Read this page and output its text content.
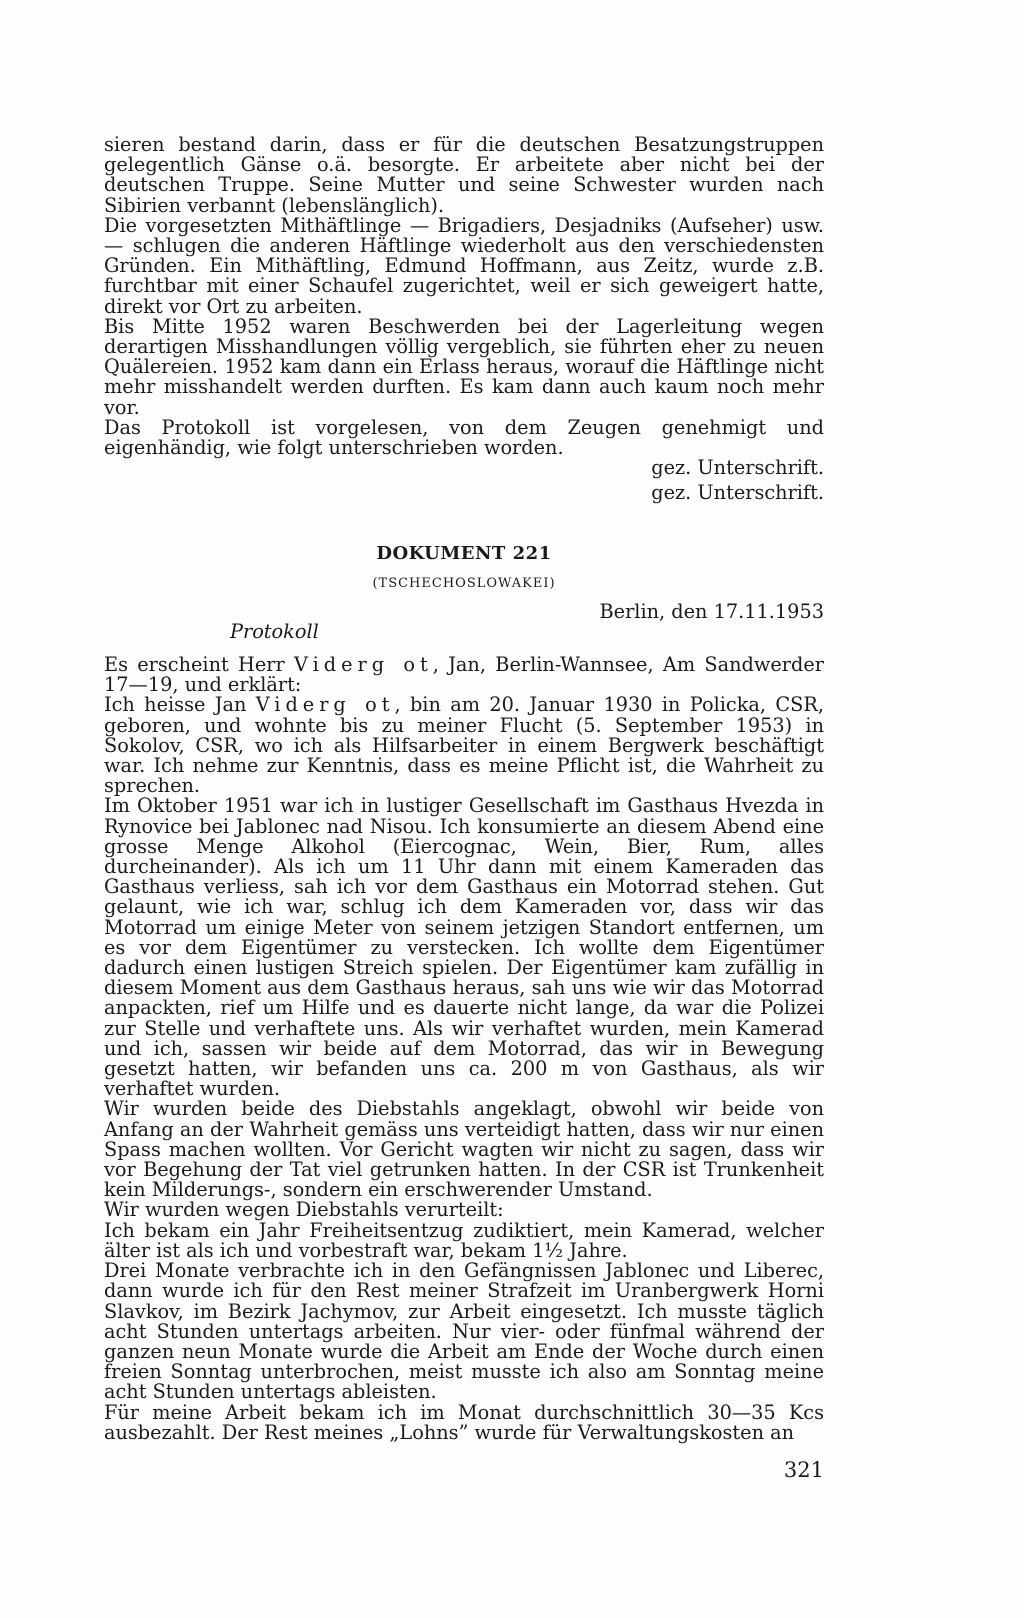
sieren bestand darin, dass er für die deutschen Besatzungstruppen gelegentlich Gänse o.ä. besorgte. Er arbeitete aber nicht bei der deutschen Truppe. Seine Mutter und seine Schwester wurden nach Sibirien verbannt (lebenslänglich).

Die vorgesetzten Mithäftlinge — Brigadiers, Desjadniks (Aufseher) usw. — schlugen die anderen Häftlinge wiederholt aus den verschiedensten Gründen. Ein Mithäftling, Edmund Hoffmann, aus Zeitz, wurde z.B. furchtbar mit einer Schaufel zugerichtet, weil er sich geweigert hatte, direkt vor Ort zu arbeiten.

Bis Mitte 1952 waren Beschwerden bei der Lagerleitung wegen derartigen Misshandlungen völlig vergeblich, sie führten eher zu neuen Quälereien. 1952 kam dann ein Erlass heraus, worauf die Häftlinge nicht mehr misshandelt werden durften. Es kam dann auch kaum noch mehr vor.

Das Protokoll ist vorgelesen, von dem Zeugen genehmigt und eigenhändig, wie folgt unterschrieben worden.

gez. Unterschrift.
gez. Unterschrift.
DOKUMENT 221
(TSCHECHOSLOWAKEI)
Berlin, den 17.11.1953
Protokoll

Es erscheint Herr Viderg ot, Jan, Berlin-Wannsee, Am Sandwerder 17—19, und erklärt:

Ich heisse Jan Viderg ot, bin am 20. Januar 1930 in Policka, CSR, geboren, und wohnte bis zu meiner Flucht (5. September 1953) in Sokolov, CSR, wo ich als Hilfsarbeiter in einem Bergwerk beschäftigt war. Ich nehme zur Kenntnis, dass es meine Pflicht ist, die Wahrheit zu sprechen.

Im Oktober 1951 war ich in lustiger Gesellschaft im Gasthaus Hvezda in Rynovice bei Jablonec nad Nisou. Ich konsumierte an diesem Abend eine grosse Menge Alkohol (Eiercognac, Wein, Bier, Rum, alles durcheinander). Als ich um 11 Uhr dann mit einem Kameraden das Gasthaus verliess, sah ich vor dem Gasthaus ein Motorrad stehen. Gut gelaunt, wie ich war, schlug ich dem Kameraden vor, dass wir das Motorrad um einige Meter von seinem jetzigen Standort entfernen, um es vor dem Eigentümer zu verstecken. Ich wollte dem Eigentümer dadurch einen lustigen Streich spielen. Der Eigentümer kam zufällig in diesem Moment aus dem Gasthaus heraus, sah uns wie wir das Motorrad anpackten, rief um Hilfe und es dauerte nicht lange, da war die Polizei zur Stelle und verhaftete uns. Als wir verhaftet wurden, mein Kamerad und ich, sassen wir beide auf dem Motorrad, das wir in Bewegung gesetzt hatten, wir befanden uns ca. 200 m von Gasthaus, als wir verhaftet wurden.

Wir wurden beide des Diebstahls angeklagt, obwohl wir beide von Anfang an der Wahrheit gemäss uns verteidigt hatten, dass wir nur einen Spass machen wollten. Vor Gericht wagten wir nicht zu sagen, dass wir vor Begehung der Tat viel getrunken hatten. In der CSR ist Trunkenheit kein Milderungs-, sondern ein erschwerender Umstand.

Wir wurden wegen Diebstahls verurteilt:

Ich bekam ein Jahr Freiheitsentzug zudiktiert, mein Kamerad, welcher älter ist als ich und vorbestraft war, bekam 1½ Jahre.

Drei Monate verbrachte ich in den Gefängnissen Jablonec und Liberec, dann wurde ich für den Rest meiner Strafzeit im Uranbergwerk Horni Slavkov, im Bezirk Jachymov, zur Arbeit eingesetzt. Ich musste täglich acht Stunden untertags arbeiten. Nur vier- oder fünfmal während der ganzen neun Monate wurde die Arbeit am Ende der Woche durch einen freien Sonntag unterbrochen, meist musste ich also am Sonntag meine acht Stunden untertags ableisten.

Für meine Arbeit bekam ich im Monat durchschnittlich 30—35 Kcs ausbezahlt. Der Rest meines „Lohns” wurde für Verwaltungskosten an

321
